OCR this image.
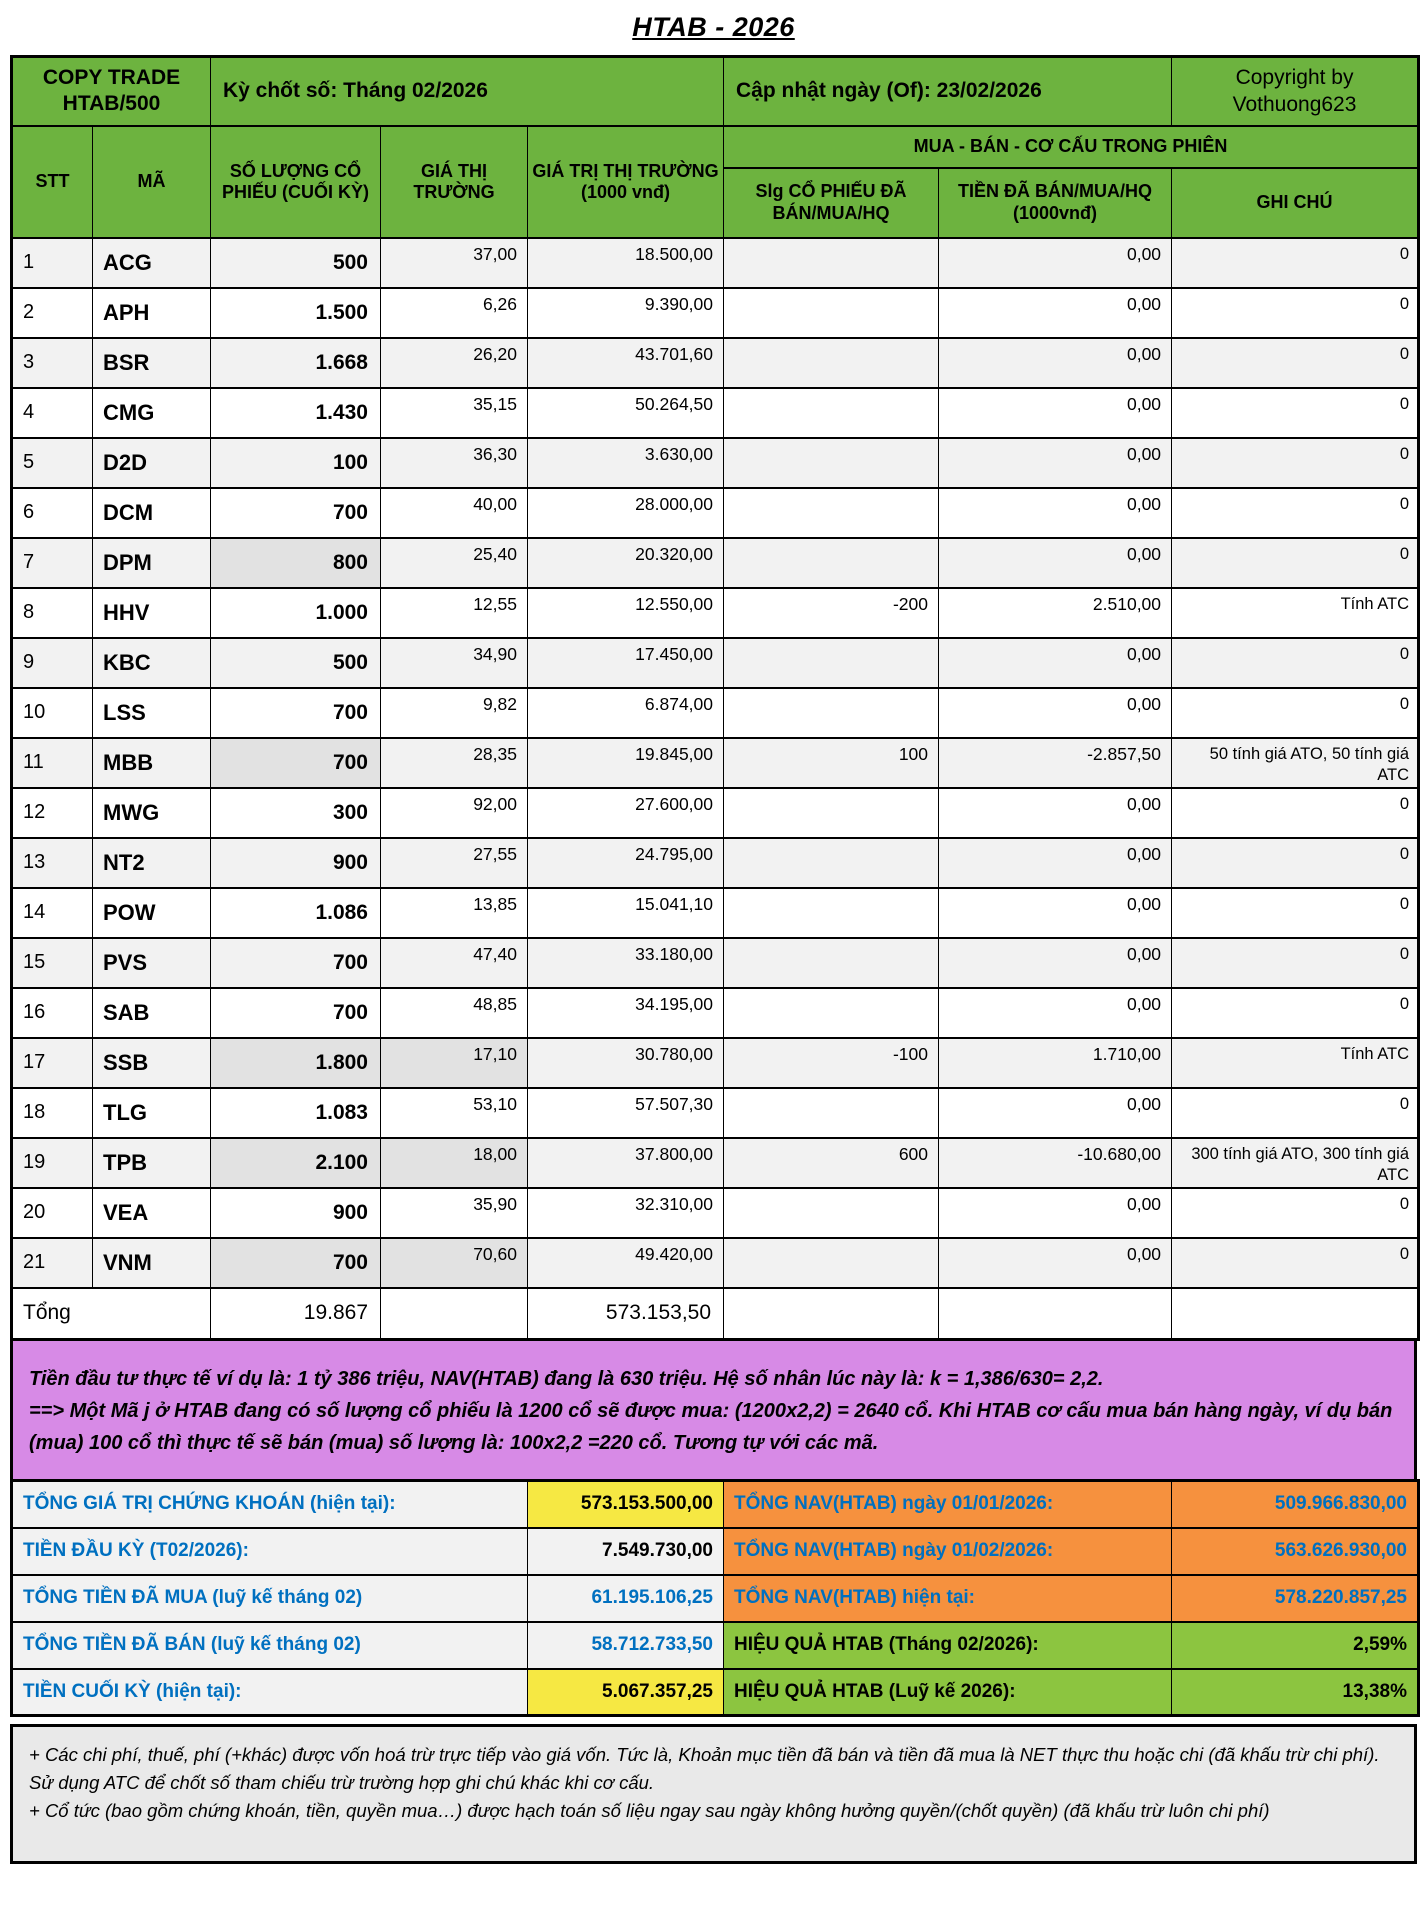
HTAB - 2026
COPY TRADE
HTAB/500
	Kỳ chốt số: Tháng 02/2026	Cập nhật ngày (Of): 23/02/2026	
Copyright by
Vothuong623

STT	MÃ	SỐ LƯỢNG CỔ PHIẾU (CUỐI KỲ)	GIÁ THỊ TRƯỜNG	GIÁ TRỊ THỊ TRƯỜNG (1000 vnđ)	MUA - BÁN - CƠ CẤU TRONG PHIÊN		
					Slg CỔ PHIẾU ĐÃ BÁN/MUA/HQ	TIỀN ĐÃ BÁN/MUA/HQ (1000vnđ)	GHI CHÚ
1	ACG	500	37,00	18.500,00		0,00	0
2	APH	1.500	6,26	9.390,00		0,00	0
3	BSR	1.668	26,20	43.701,60		0,00	0
4	CMG	1.430	35,15	50.264,50		0,00	0
5	D2D	100	36,30	3.630,00		0,00	0
6	DCM	700	40,00	28.000,00		0,00	0
7	DPM	800	25,40	20.320,00		0,00	0
8	HHV	1.000	12,55	12.550,00	-200	2.510,00	Tính ATC
9	KBC	500	34,90	17.450,00		0,00	0
10	LSS	700	9,82	6.874,00		0,00	0
11	MBB	700	28,35	19.845,00	100	-2.857,50	50 tính giá ATO, 50 tính giá ATC
12	MWG	300	92,00	27.600,00		0,00	0
13	NT2	900	27,55	24.795,00		0,00	0
14	POW	1.086	13,85	15.041,10		0,00	0
15	PVS	700	47,40	33.180,00		0,00	0
16	SAB	700	48,85	34.195,00		0,00	0
17	SSB	1.800	17,10	30.780,00	-100	1.710,00	Tính ATC
18	TLG	1.083	53,10	57.507,30		0,00	0
19	TPB	2.100	18,00	37.800,00	600	-10.680,00	300 tính giá ATO, 300 tính giá ATC
20	VEA	900	35,90	32.310,00		0,00	0
21	VNM	700	70,60	49.420,00		0,00	0
Tổng		19.867		573.153,50			
Tiền đầu tư thực tế ví dụ là: 1 tỷ 386 triệu, NAV(HTAB) đang là 630 triệu. Hệ số nhân lúc này là: k = 1,386/630= 2,2.
==> Một Mã j ở HTAB đang có số lượng cổ phiếu là 1200 cổ sẽ được mua: (1200x2,2) = 2640 cổ. Khi HTAB cơ cấu mua bán hàng ngày, ví dụ bán (mua) 100 cổ thì thực tế sẽ bán (mua) số lượng là: 100x2,2 =220 cổ. Tương tự với các mã.
TỔNG GIÁ TRỊ CHỨNG KHOÁN (hiện tại):	573.153.500,00	TỔNG NAV(HTAB) ngày 01/01/2026:	509.966.830,00
TIỀN ĐẦU KỲ (T02/2026):	7.549.730,00	TỔNG NAV(HTAB) ngày 01/02/2026:	563.626.930,00
TỔNG TIỀN ĐÃ MUA (luỹ kế tháng 02)	61.195.106,25	TỔNG NAV(HTAB) hiện tại:	578.220.857,25
TỔNG TIỀN ĐÃ BÁN (luỹ kế tháng 02)	58.712.733,50	HIỆU QUẢ HTAB (Tháng 02/2026):	2,59%
TIỀN CUỐI KỲ (hiện tại):	5.067.357,25	HIỆU QUẢ HTAB (Luỹ kế 2026):	13,38%

+ Các chi phí, thuế, phí (+khác) được vốn hoá trừ trực tiếp vào giá vốn. Tức là, Khoản mục tiền đã bán và tiền đã mua là NET thực thu hoặc chi (đã khấu trừ chi phí). Sử dụng ATC để chốt số tham chiếu trừ trường hợp ghi chú khác khi cơ cấu.

+ Cổ tức (bao gồm chứng khoán, tiền, quyền mua…) được hạch toán số liệu ngay sau ngày không hưởng quyền/(chốt quyền) (đã khấu trừ luôn chi phí)
